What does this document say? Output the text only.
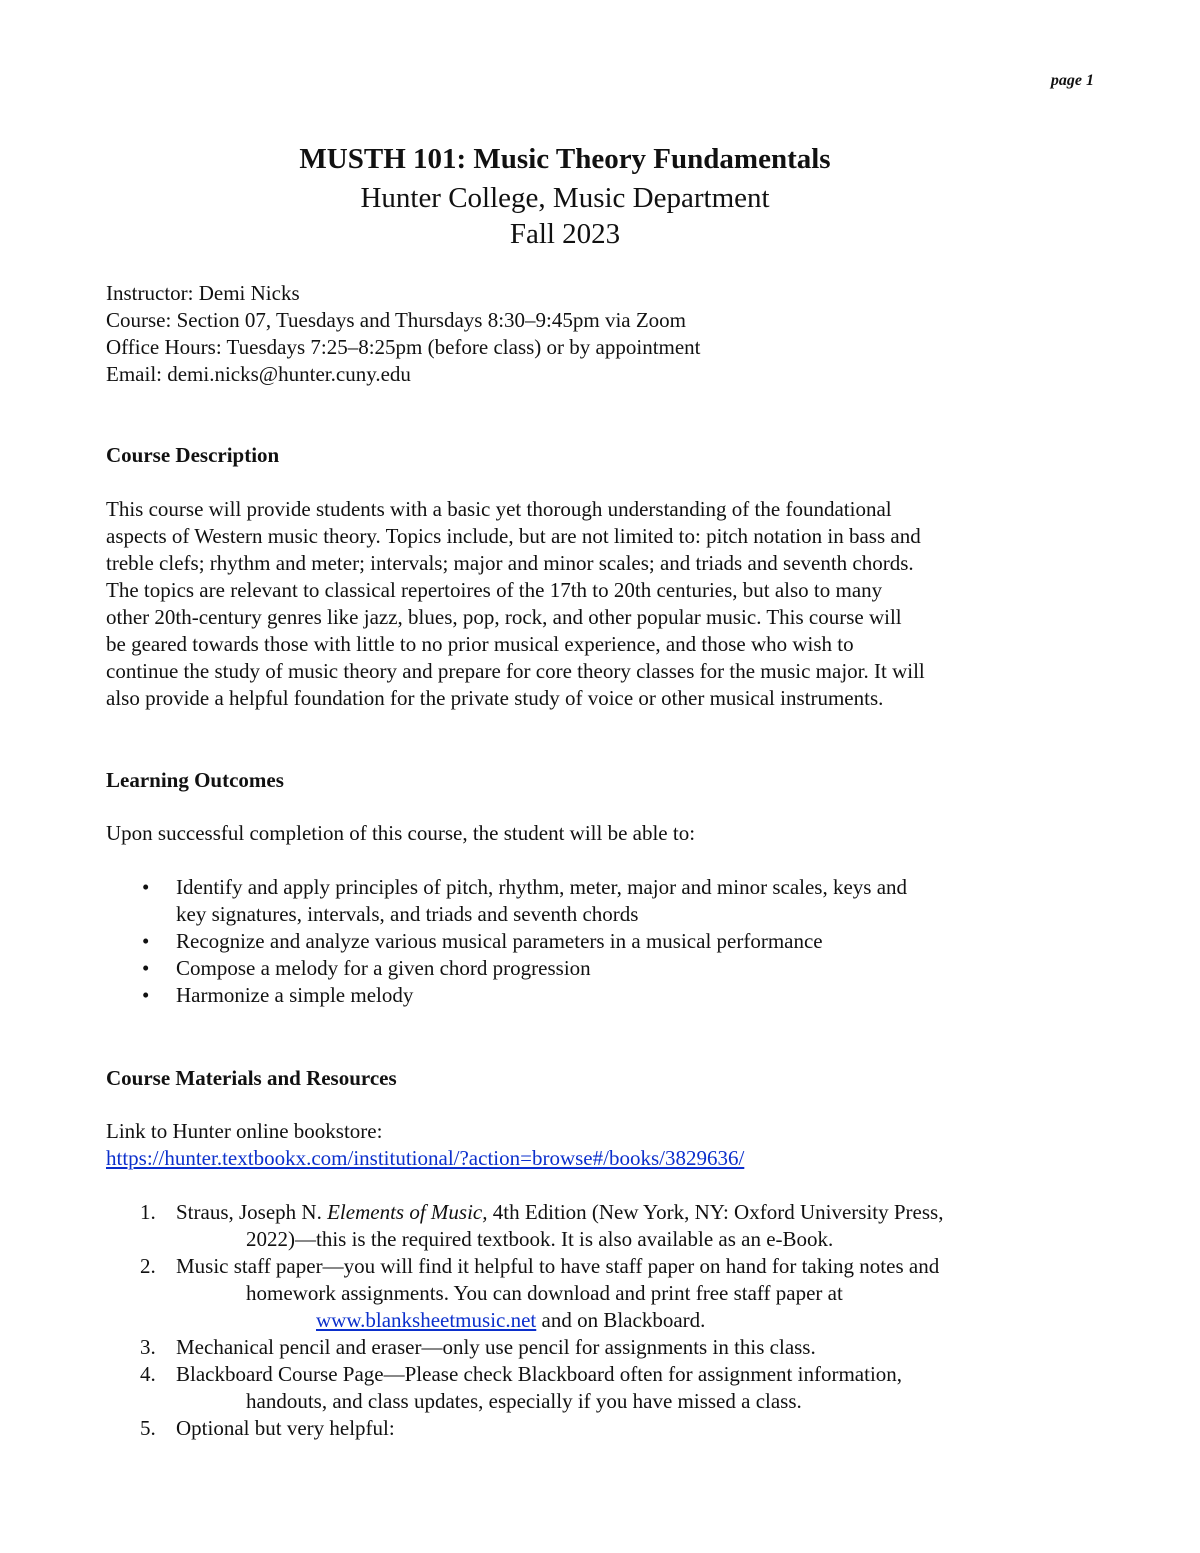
page 1
MUSTH 101: Music Theory Fundamentals
Hunter College, Music Department
Fall 2023
Instructor: Demi Nicks
Course: Section 07, Tuesdays and Thursdays 8:30–9:45pm via Zoom
Office Hours: Tuesdays 7:25–8:25pm (before class) or by appointment
Email: demi.nicks@hunter.cuny.edu
Course Description
This course will provide students with a basic yet thorough understanding of the foundational
aspects of Western music theory. Topics include, but are not limited to: pitch notation in bass and
treble clefs; rhythm and meter; intervals; major and minor scales; and triads and seventh chords.
The topics are relevant to classical repertoires of the 17th to 20th centuries, but also to many
other 20th-century genres like jazz, blues, pop, rock, and other popular music. This course will
be geared towards those with little to no prior musical experience, and those who wish to
continue the study of music theory and prepare for core theory classes for the music major. It will
also provide a helpful foundation for the private study of voice or other musical instruments.
Learning Outcomes
Upon successful completion of this course, the student will be able to:
• Identify and apply principles of pitch, rhythm, meter, major and minor scales, keys and
key signatures, intervals, and triads and seventh chords
• Recognize and analyze various musical parameters in a musical performance
• Compose a melody for a given chord progression
• Harmonize a simple melody
Course Materials and Resources
Link to Hunter online bookstore:
https://hunter.textbookx.com/institutional/?action=browse#/books/3829636/
1. Straus, Joseph N. Elements of Music, 4th Edition (New York, NY: Oxford University Press,
2022)—this is the required textbook. It is also available as an e-Book.
2. Music staff paper—you will find it helpful to have staff paper on hand for taking notes and
homework assignments. You can download and print free staff paper at
www.blanksheetmusic.net and on Blackboard.
3. Mechanical pencil and eraser—only use pencil for assignments in this class.
4. Blackboard Course Page—Please check Blackboard often for assignment information,
handouts, and class updates, especially if you have missed a class.
5. Optional but very helpful:
